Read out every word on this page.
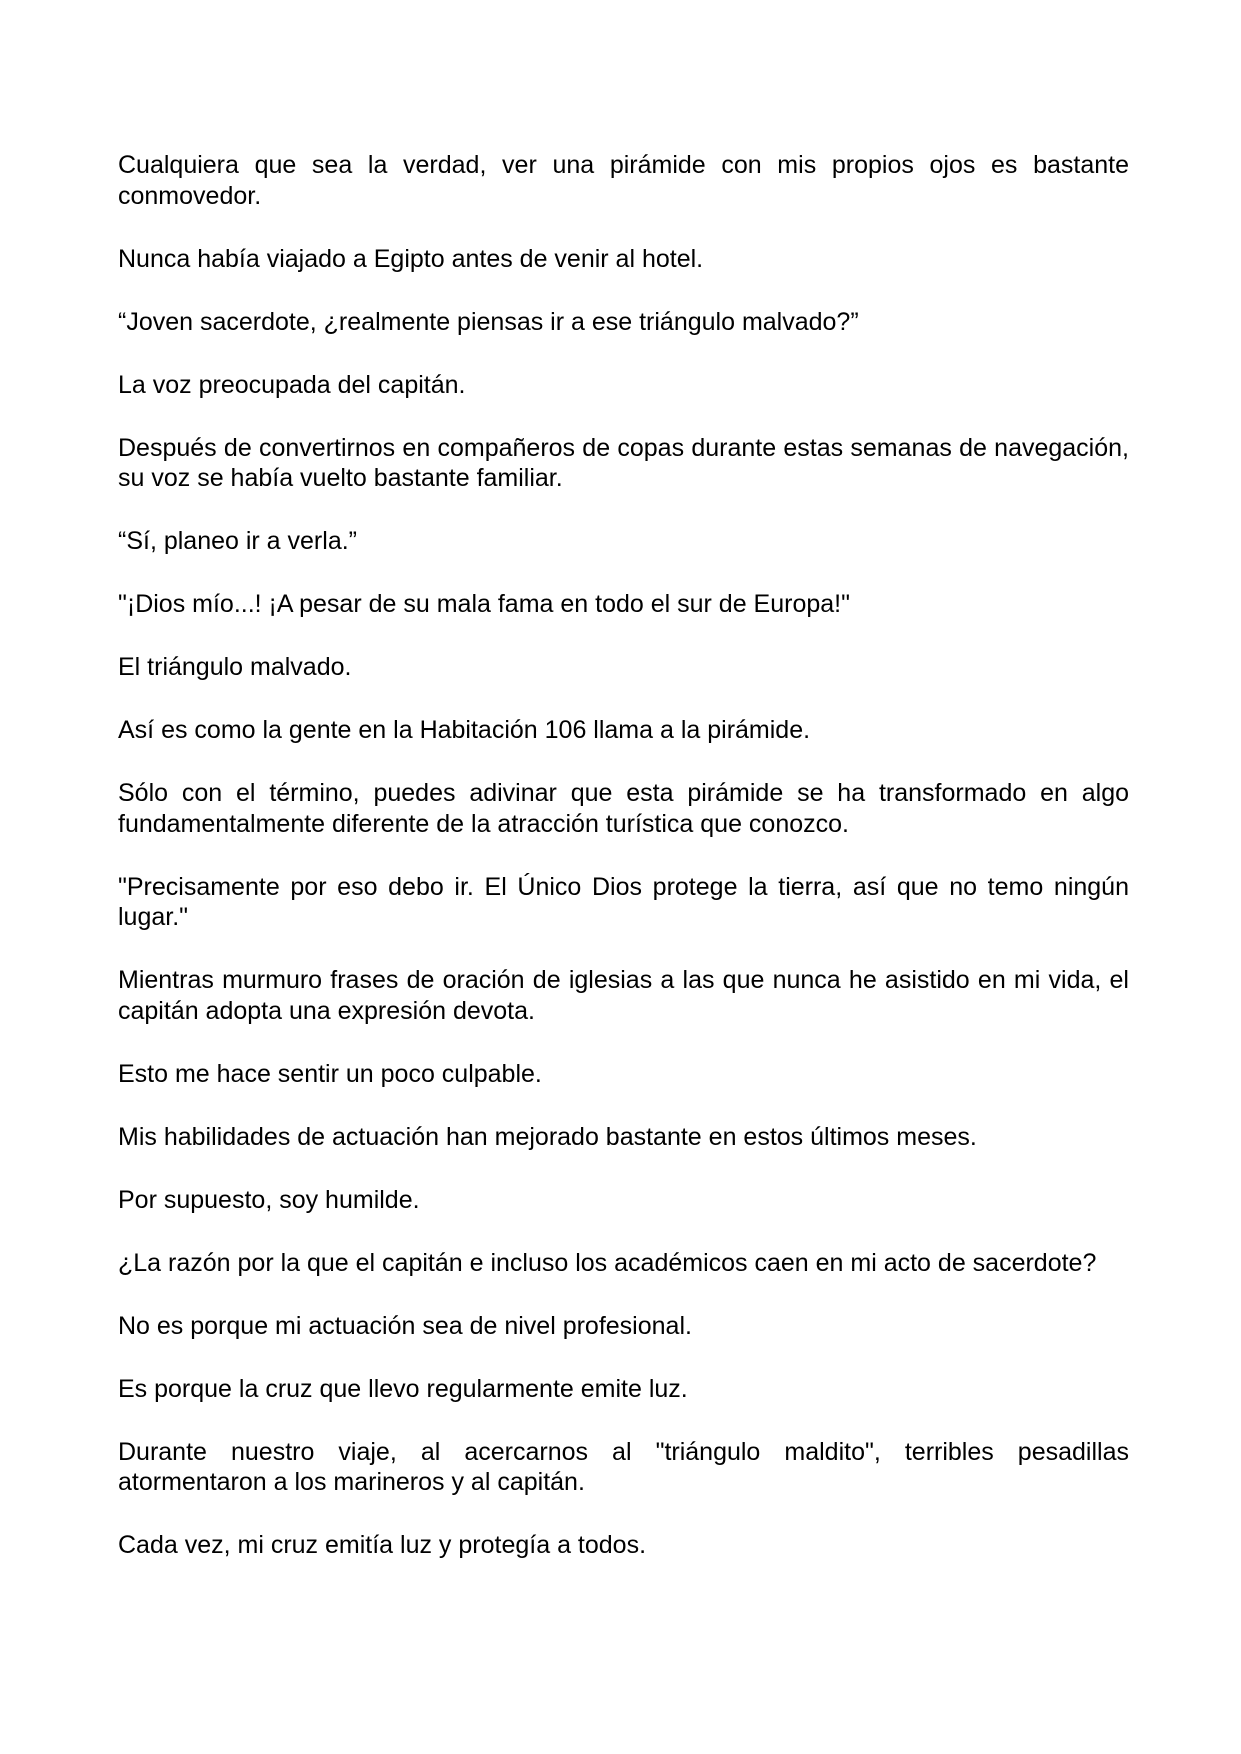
Cualquiera que sea la verdad, ver una pirámide con mis propios ojos es bastante conmovedor.

Nunca había viajado a Egipto antes de venir al hotel.

“Joven sacerdote, ¿realmente piensas ir a ese triángulo malvado?”

La voz preocupada del capitán.

Después de convertirnos en compañeros de copas durante estas semanas de navegación, su voz se había vuelto bastante familiar.

“Sí, planeo ir a verla.”

"¡Dios mío...! ¡A pesar de su mala fama en todo el sur de Europa!"

El triángulo malvado.

Así es como la gente en la Habitación 106 llama a la pirámide.

Sólo con el término, puedes adivinar que esta pirámide se ha transformado en algo fundamentalmente diferente de la atracción turística que conozco.

"Precisamente por eso debo ir. El Único Dios protege la tierra, así que no temo ningún lugar."

Mientras murmuro frases de oración de iglesias a las que nunca he asistido en mi vida, el capitán adopta una expresión devota.

Esto me hace sentir un poco culpable.

Mis habilidades de actuación han mejorado bastante en estos últimos meses.

Por supuesto, soy humilde.

¿La razón por la que el capitán e incluso los académicos caen en mi acto de sacerdote?

No es porque mi actuación sea de nivel profesional.

Es porque la cruz que llevo regularmente emite luz.

Durante nuestro viaje, al acercarnos al "triángulo maldito", terribles pesadillas atormentaron a los marineros y al capitán.

Cada vez, mi cruz emitía luz y protegía a todos.
